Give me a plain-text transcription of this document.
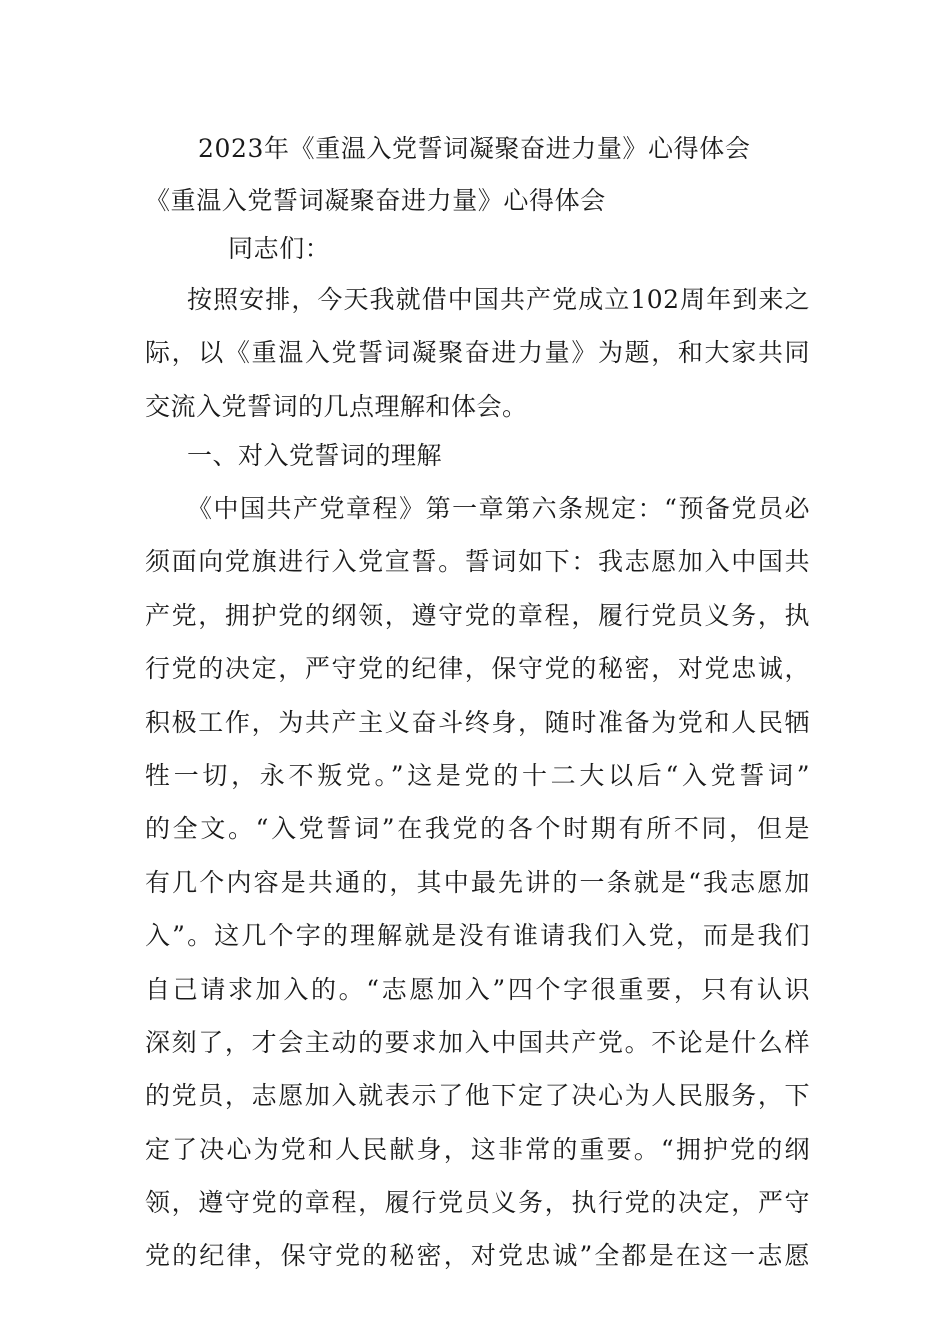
2023年《重温入党誓词凝聚奋进力量》心得体会
《重温入党誓词凝聚奋进力量》心得体会
同志们：
按照安排，今天我就借中国共产党成立102周年到来之
际，以《重温入党誓词凝聚奋进力量》为题，和大家共同
交流入党誓词的几点理解和体会。
一、对入党誓词的理解
《中国共产党章程》第一章第六条规定：“预备党员必
须面向党旗进行入党宣誓。誓词如下：我志愿加入中国共
产党，拥护党的纲领，遵守党的章程，履行党员义务，执
行党的决定，严守党的纪律，保守党的秘密，对党忠诚，
积极工作，为共产主义奋斗终身，随时准备为党和人民牺
牲一切，永不叛党。”这是党的十二大以后“入党誓词”
的全文。“入党誓词”在我党的各个时期有所不同，但是
有几个内容是共通的，其中最先讲的一条就是“我志愿加
入”。这几个字的理解就是没有谁请我们入党，而是我们
自己请求加入的。“志愿加入”四个字很重要，只有认识
深刻了，才会主动的要求加入中国共产党。不论是什么样
的党员，志愿加入就表示了他下定了决心为人民服务，下
定了决心为党和人民献身，这非常的重要。“拥护党的纲
领，遵守党的章程，履行党员义务，执行党的决定，严守
党的纪律，保守党的秘密，对党忠诚”全都是在这一志愿
